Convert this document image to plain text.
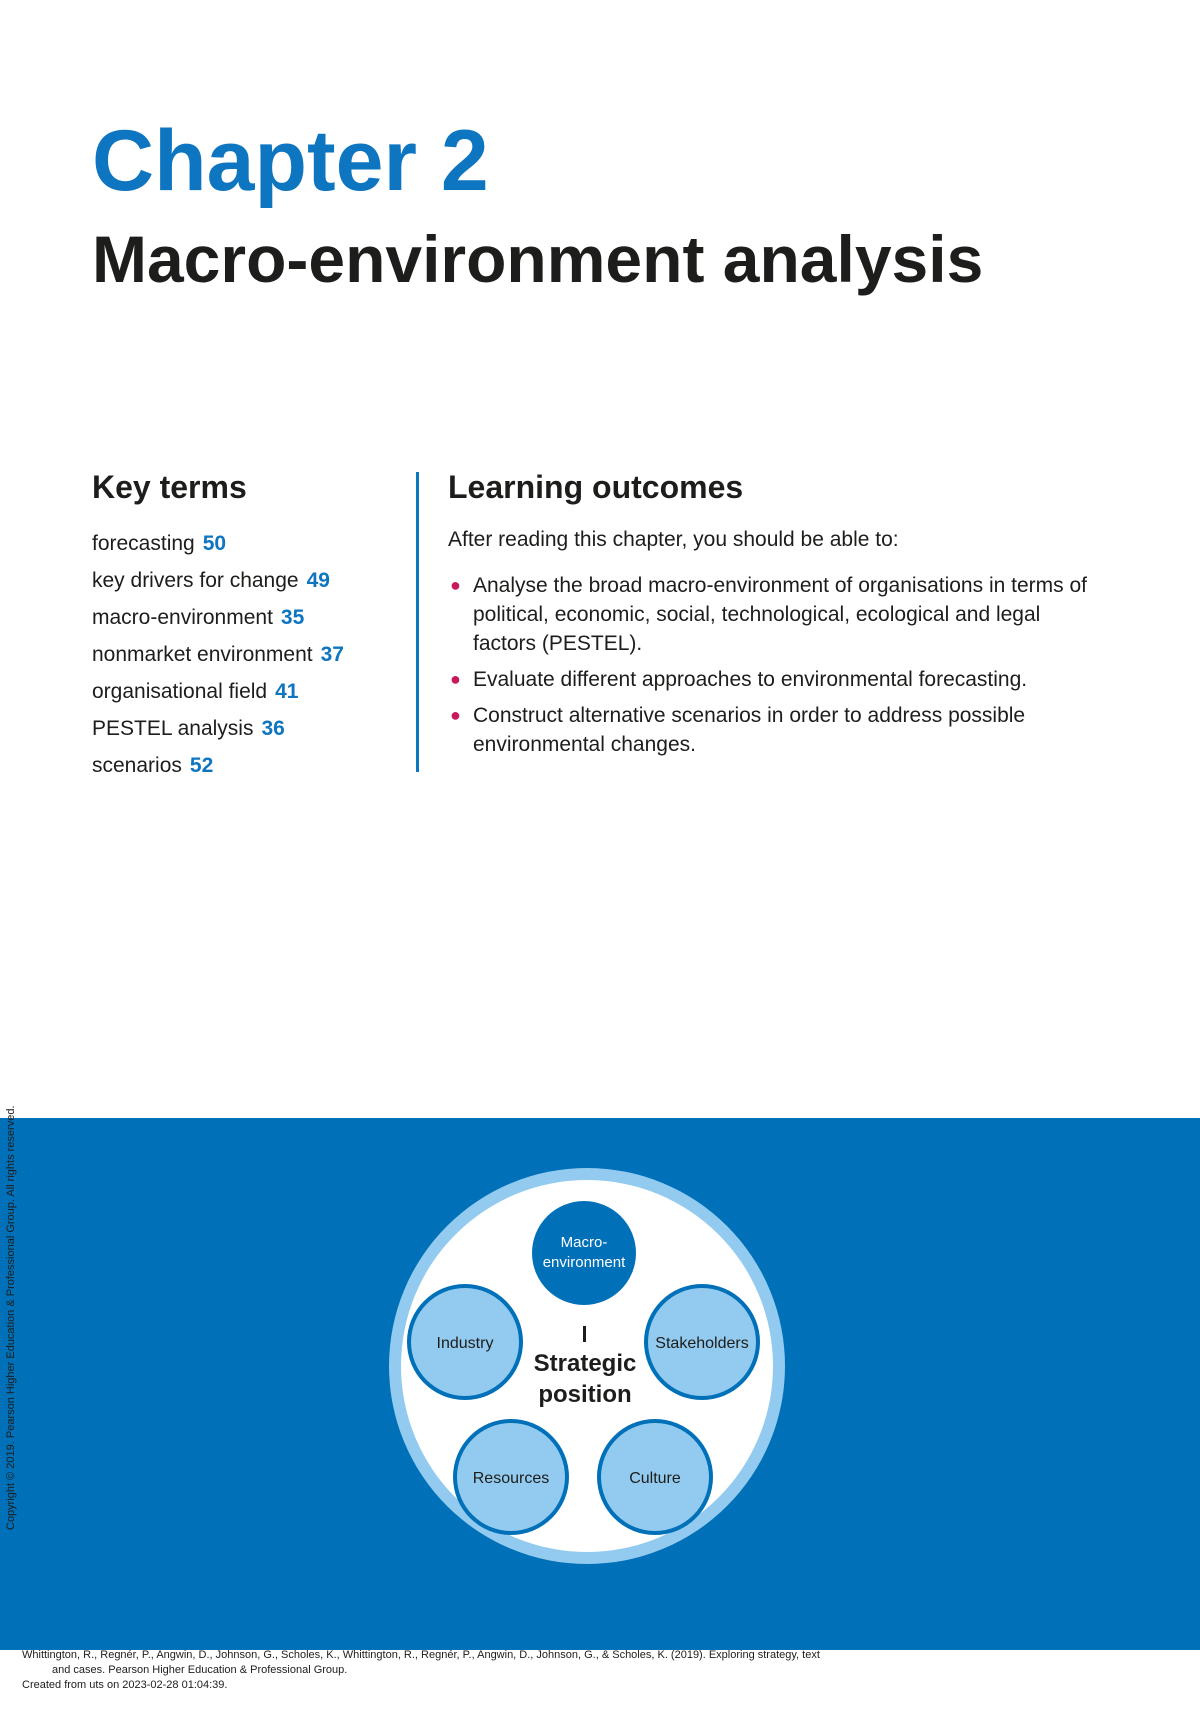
Chapter 2
Macro-environment analysis
Key terms
forecasting 50
key drivers for change 49
macro-environment 35
nonmarket environment 37
organisational field 41
PESTEL analysis 36
scenarios 52
Learning outcomes

After reading this chapter, you should be able to:

● Analyse the broad macro-environment of organisations in terms of political, economic, social, technological, ecological and legal factors (PESTEL).
● Evaluate different approaches to environmental forecasting.
● Construct alternative scenarios in order to address possible environmental changes.
Macro-
environment
Strategic
position
Industry	Stakeholders
Resources	Culture
Copyright © 2019. Pearson Higher Education & Professional Group. All rights reserved.
Whittington, R., Regnér, P., Angwin, D., Johnson, G., Scholes, K., Whittington, R., Regnér, P., Angwin, D., Johnson, G., & Scholes, K. (2019). Exploring strategy, text
and cases. Pearson Higher Education & Professional Group.
Created from uts on 2023-02-28 01:04:39.
